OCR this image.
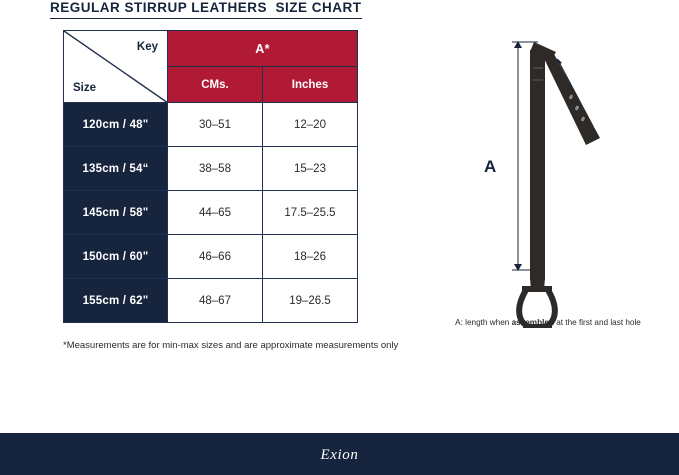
REGULAR STIRRUP LEATHERS  SIZE CHART
Key
Size	A*	
	CMs.	Inches
120cm / 48"	30–51	12–20
135cm / 54“	38–58	15–23
145cm / 58"	44–65	17.5–25.5
150cm / 60"	46–66	18–26
155cm / 62"	48–67	19–26.5
*Measurements are for min-max sizes and are approximate measurements only
A
A: length when assembled at the first and last hole
Exion
